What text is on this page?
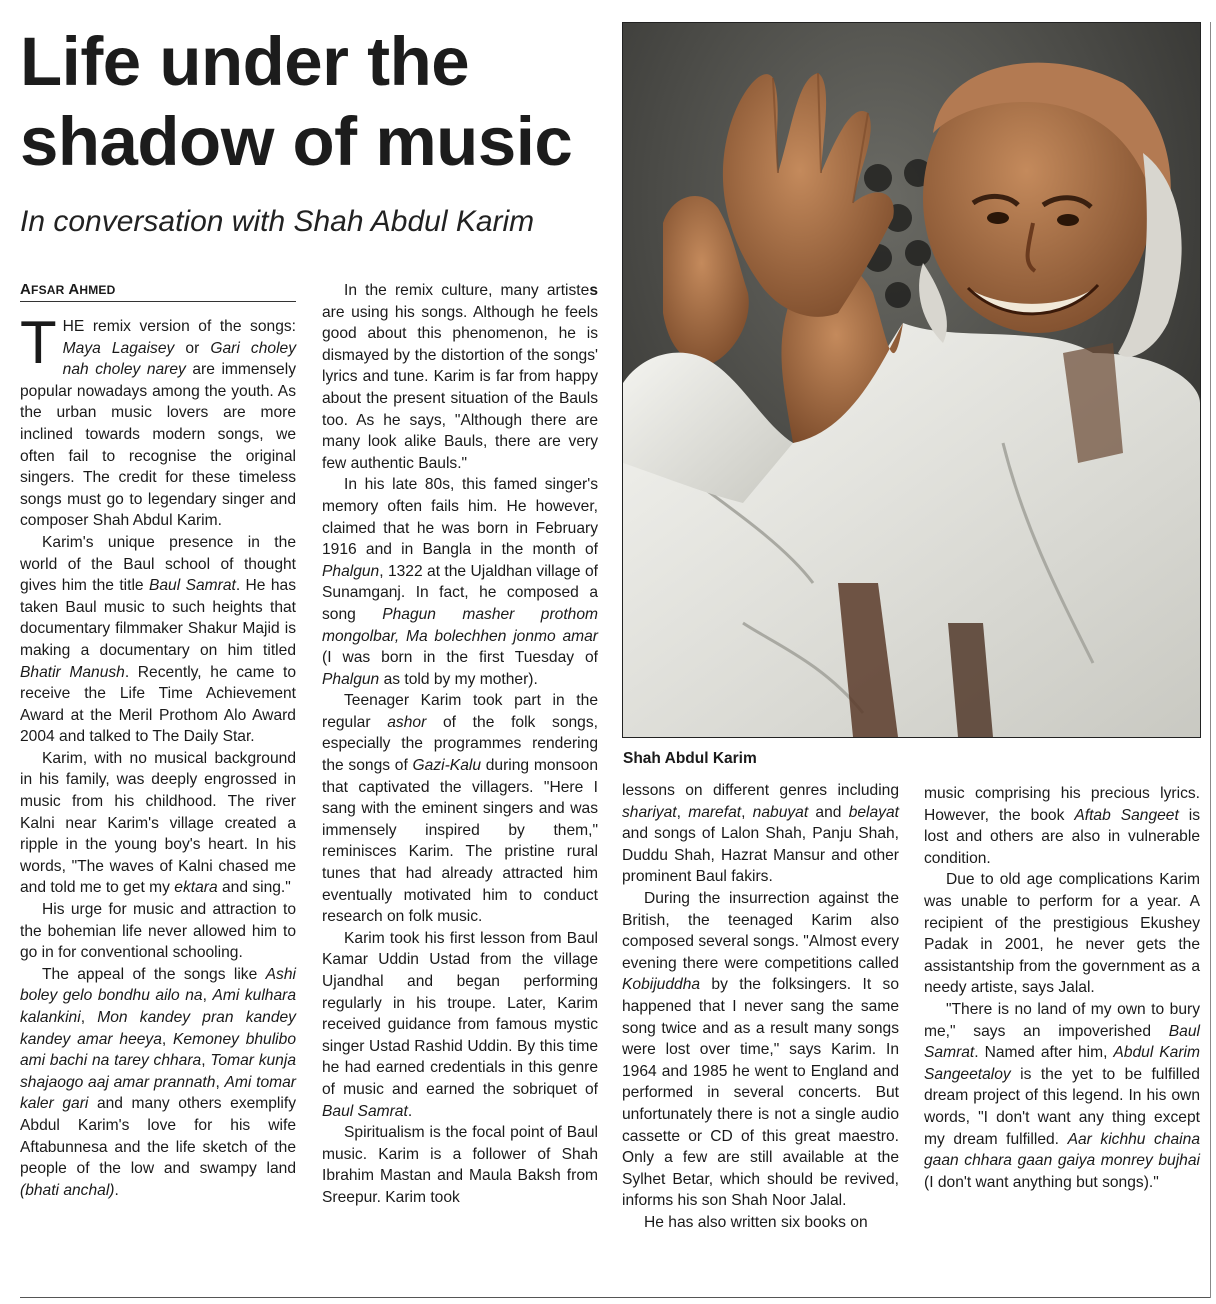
Life under the
shadow of music
In conversation with Shah Abdul Karim
AFSAR AHMED

THE remix version of the songs: Maya Lagaisey or Gari choley nah choley narey are immensely popular nowadays among the youth. As the urban music lovers are more inclined towards modern songs, we often fail to recognise the original singers. The credit for these timeless songs must go to legendary singer and composer Shah Abdul Karim.

Karim's unique presence in the world of the Baul school of thought gives him the title Baul Samrat. He has taken Baul music to such heights that documentary filmmaker Shakur Majid is making a documentary on him titled Bhatir Manush. Recently, he came to receive the Life Time Achievement Award at the Meril Prothom Alo Award 2004 and talked to The Daily Star.

Karim, with no musical background in his family, was deeply engrossed in music from his childhood. The river Kalni near Karim's village created a ripple in the young boy's heart. In his words, "The waves of Kalni chased me and told me to get my ektara and sing."

His urge for music and attraction to the bohemian life never allowed him to go in for conventional schooling.

The appeal of the songs like Ashi boley gelo bondhu ailo na, Ami kulhara kalankini, Mon kandey pran kandey kandey amar heeya, Kemoney bhulibo ami bachi na tarey chhara, Tomar kunja shajaogo aaj amar prannath, Ami tomar kaler gari and many others exemplify Abdul Karim's love for his wife Aftabunnesa and the life sketch of the people of the low and swampy land (bhati anchal).

In the remix culture, many artistes are using his songs. Although he feels good about this phenomenon, he is dismayed by the distortion of the songs' lyrics and tune. Karim is far from happy about the present situation of the Bauls too. As he says, "Although there are many look alike Bauls, there are very few authentic Bauls."

In his late 80s, this famed singer's memory often fails him. He however, claimed that he was born in February 1916 and in Bangla in the month of Phalgun, 1322 at the Ujaldhan village of Sunamganj. In fact, he composed a song Phagun masher prothom mongolbar, Ma bolechhen jonmo amar (I was born in the first Tuesday of Phalgun as told by my mother).

Teenager Karim took part in the regular ashor of the folk songs, especially the programmes rendering the songs of Gazi-Kalu during monsoon that captivated the villagers. "Here I sang with the eminent singers and was immensely inspired by them," reminisces Karim. The pristine rural tunes that had already attracted him eventually motivated him to conduct research on folk music.

Karim took his first lesson from Baul Kamar Uddin Ustad from the village Ujandhal and began performing regularly in his troupe. Later, Karim received guidance from famous mystic singer Ustad Rashid Uddin. By this time he had earned credentials in this genre of music and earned the sobriquet of Baul Samrat.

Spiritualism is the focal point of Baul music. Karim is a follower of Shah Ibrahim Mastan and Maula Baksh from Sreepur. Karim took

Shah Abdul Karim

lessons on different genres including shariyat, marefat, nabuyat and belayat and songs of Lalon Shah, Panju Shah, Duddu Shah, Hazrat Mansur and other prominent Baul fakirs.

During the insurrection against the British, the teenaged Karim also composed several songs. "Almost every evening there were competitions called Kobijuddha by the folksingers. It so happened that I never sang the same song twice and as a result many songs were lost over time," says Karim. In 1964 and 1985 he went to England and performed in several concerts. But unfortunately there is not a single audio cassette or CD of this great maestro. Only a few are still available at the Sylhet Betar, which should be revived, informs his son Shah Noor Jalal.

He has also written six books on

music comprising his precious lyrics. However, the book Aftab Sangeet is lost and others are also in vulnerable condition.

Due to old age complications Karim was unable to perform for a year. A recipient of the prestigious Ekushey Padak in 2001, he never gets the assistantship from the government as a needy artiste, says Jalal.

"There is no land of my own to bury me," says an impoverished Baul Samrat. Named after him, Abdul Karim Sangeetaloy is the yet to be fulfilled dream project of this legend. In his own words, "I don't want any thing except my dream fulfilled. Aar kichhu chaina gaan chhara gaan gaiya monrey bujhai (I don't want anything but songs)."
